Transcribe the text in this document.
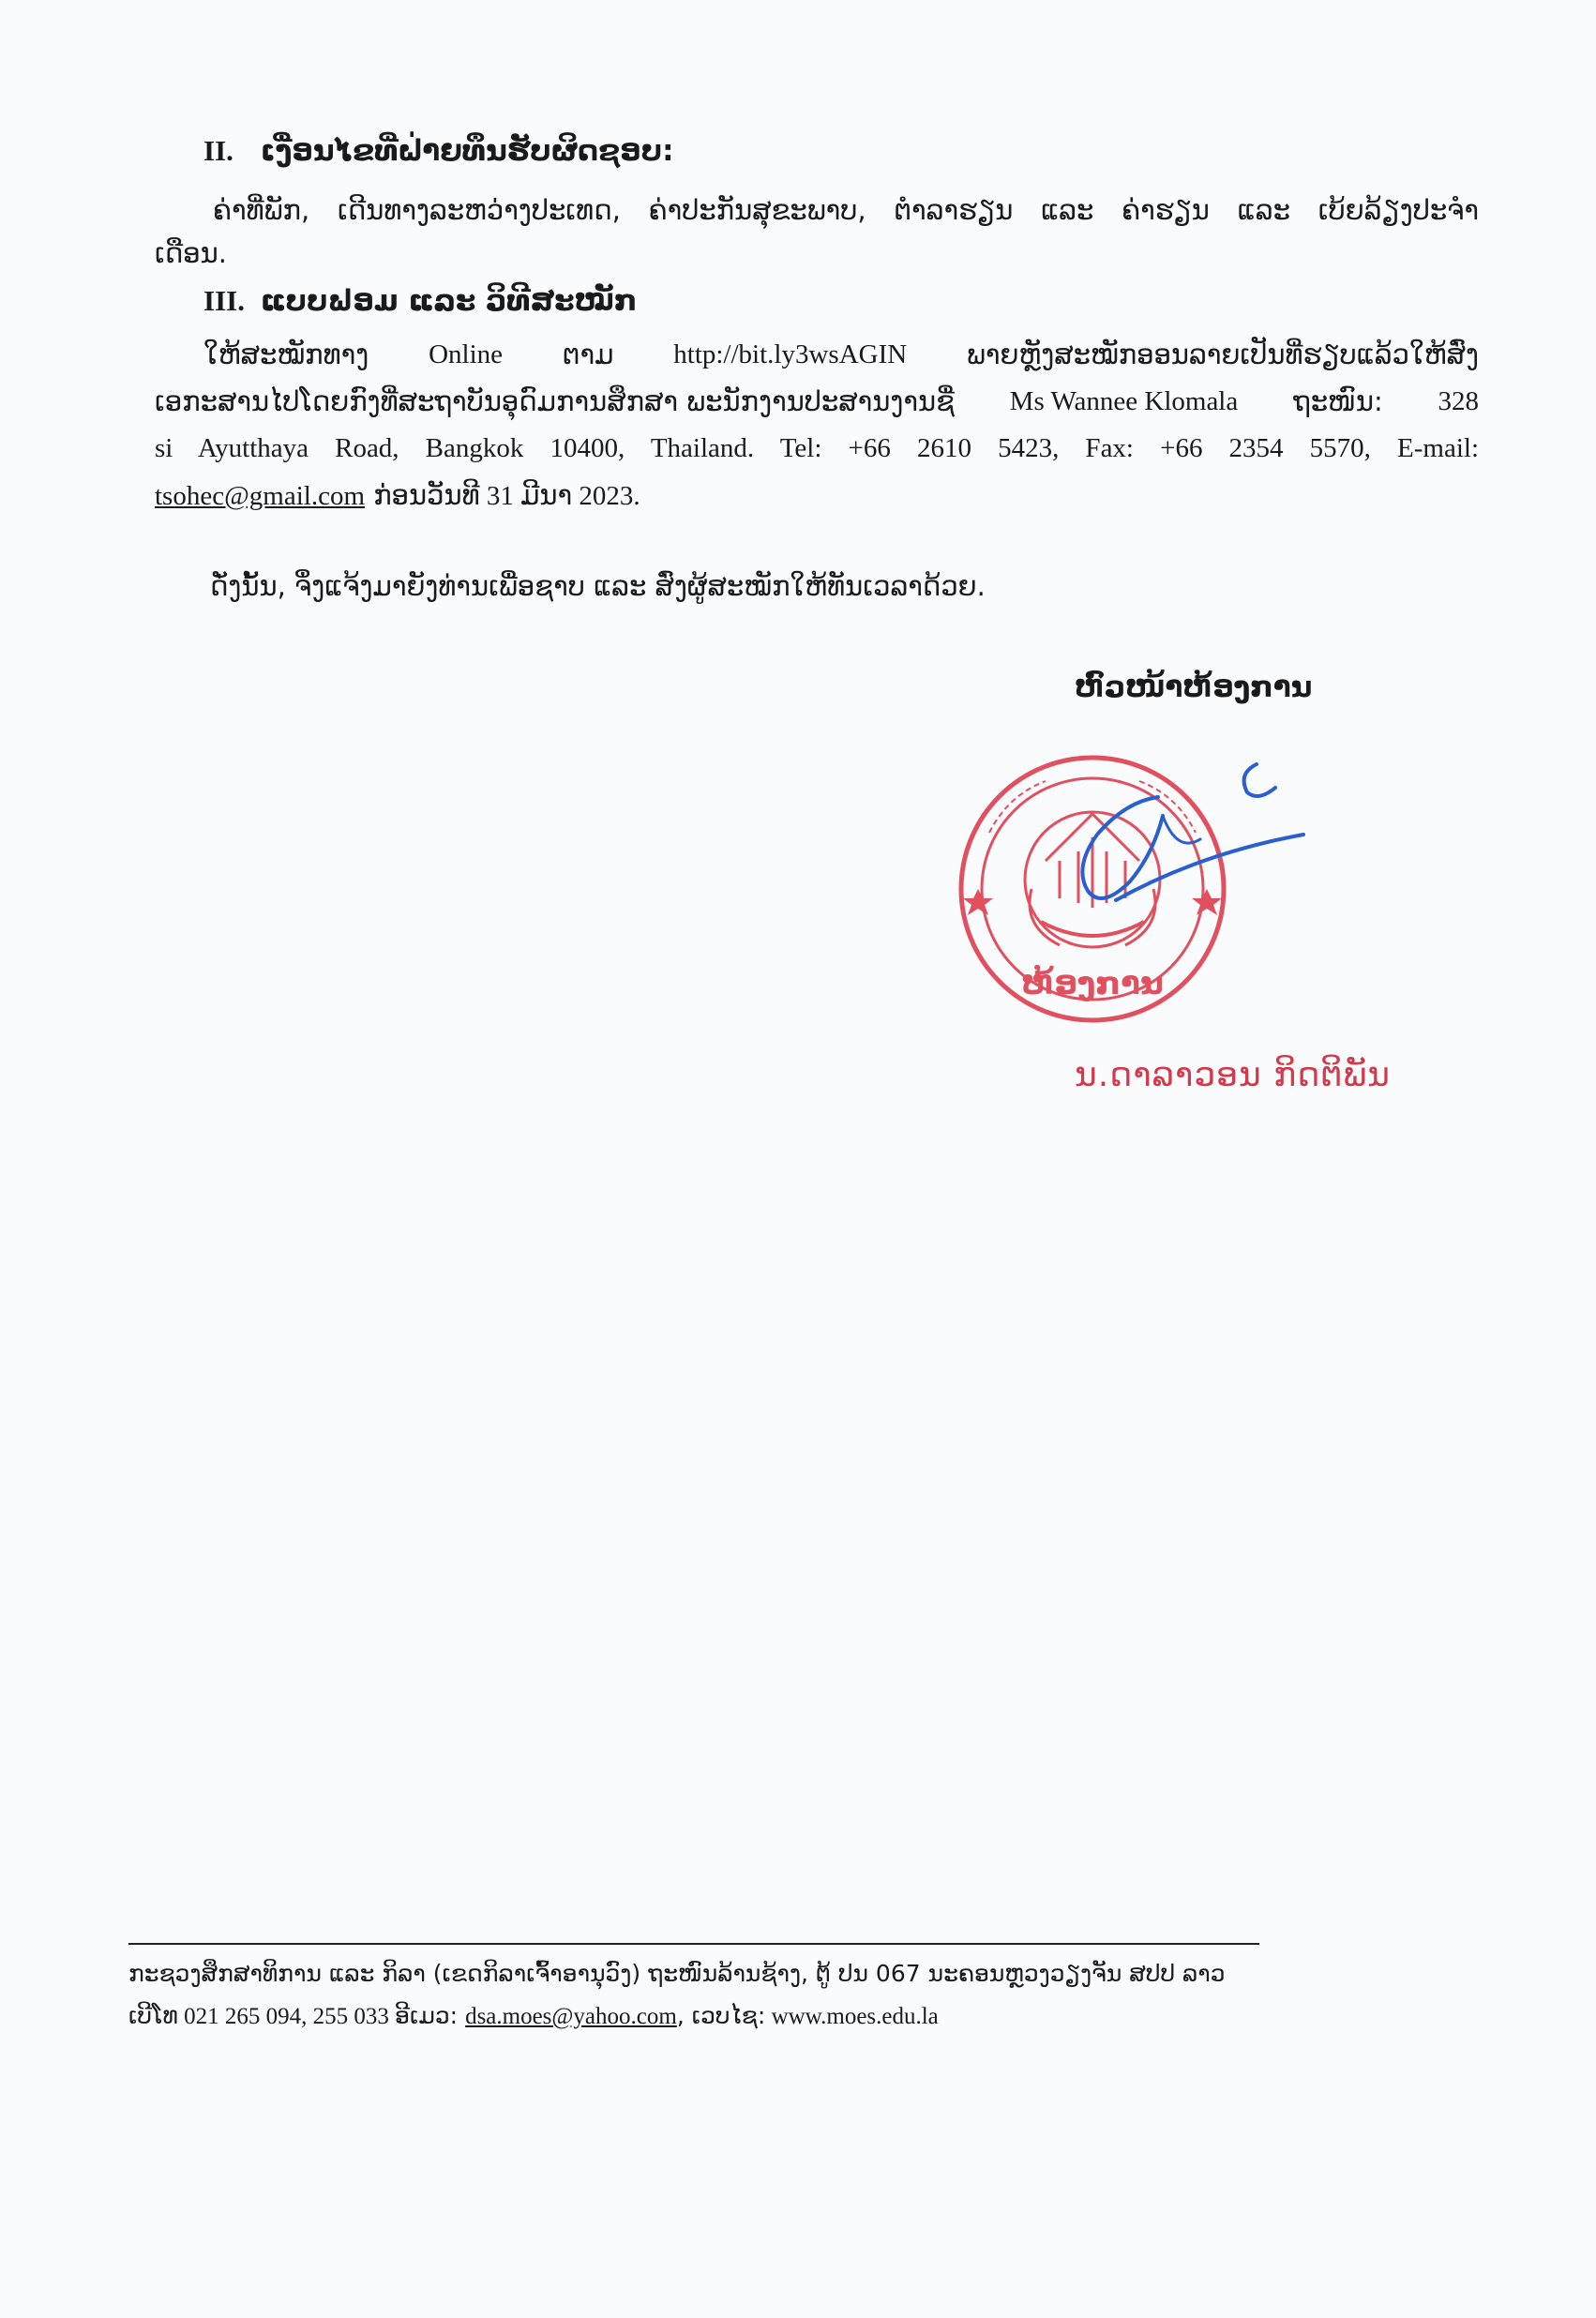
II. ເງື່ອນໄຂທີ່ຝ່າຍທຶນຮັບຜິດຊອບ:
ຄ່າທີ່ພັກ, ເດີນທາງລະຫວ່າງປະເທດ, ຄ່າປະກັນສຸຂະພາບ, ຕໍາລາຮຽນ ແລະ ຄ່າຮຽນ ແລະ ເບ້ຍລ້ຽງປະຈໍາ
ເດືອນ.
III. ແບບຟອມ ແລະ ວິທີສະໝັກ
ໃຫ້ສະໝັກທາງ Online ຕາມ http://bit.ly3wsAGIN ພາຍຫຼັງສະໝັກອອນລາຍເປັນທີ່ຮຽບແລ້ວໃຫ້ສົ່ງ
ເອກະສານໄປໂດຍກົງທີ່ສະຖາບັນອຸດົມການສຶກສາ ພະນັກງານປະສານງານຊື່ Ms Wannee Klomala ຖະໜົນ: 328
si Ayutthaya Road, Bangkok 10400, Thailand. Tel: +66 2610 5423, Fax: +66 2354 5570, E-mail:
tsohec@gmail.com ກ່ອນວັນທີ 31 ມີນາ 2023.
ດັ່ງນັ້ນ, ຈຶ່ງແຈ້ງມາຍັງທ່ານເພື່ອຊາບ ແລະ ສົ່ງຜູ້ສະໝັກໃຫ້ທັນເວລາດ້ວຍ.
ຫົວໜ້າຫ້ອງການ
ຫ້ອງການ
ນ.ດາລາວອນ ກິດຕິພັນ
ກະຊວງສຶກສາທິການ ແລະ ກິລາ (ເຂດກິລາເຈົ້າອານຸວົງ) ຖະໜົນລ້ານຊ້າງ, ຕູ້ ປນ 067 ນະຄອນຫຼວງວຽງຈັນ ສປປ ລາວ
ເບີໂທ 021 265 094, 255 033 ອີເມວ: dsa.moes@yahoo.com, ເວບໄຊ: www.moes.edu.la
